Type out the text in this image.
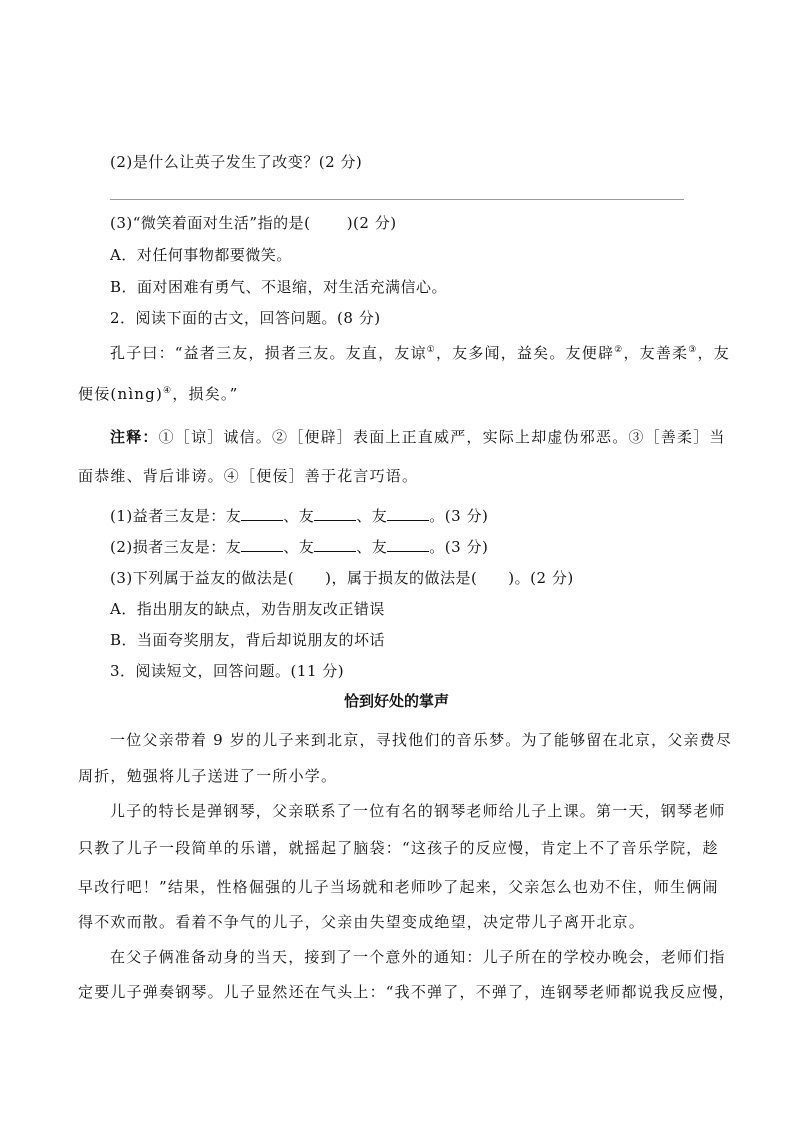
(2)是什么让英子发生了改变？(2 分)
(3)“微笑着面对生活”指的是(　　 )(2 分)
A．对任何事物都要微笑。
B．面对困难有勇气、不退缩，对生活充满信心。
2．阅读下面的古文，回答问题。(8 分)
孔子曰：“益者三友，损者三友。友直，友谅①，友多闻，益矣。友便辟②，友善柔③，友
便佞(nìng)④，损矣。”
注释：①［谅］诚信。②［便辟］表面上正直威严，实际上却虚伪邪恶。③［善柔］当
面恭维、背后诽谤。④［便佞］善于花言巧语。
(1)益者三友是：友	、友	、友	。(3 分)
(2)损者三友是：友	、友	、友	。(3 分)
(3)下列属于益友的做法是(　　)，属于损友的做法是(　　)。(2 分)
A．指出朋友的缺点，劝告朋友改正错误
B．当面夸奖朋友，背后却说朋友的坏话
3．阅读短文，回答问题。(11 分)
恰到好处的掌声
一位父亲带着 9 岁的儿子来到北京，寻找他们的音乐梦。为了能够留在北京，父亲费尽
周折，勉强将儿子送进了一所小学。
儿子的特长是弹钢琴，父亲联系了一位有名的钢琴老师给儿子上课。第一天，钢琴老师
只教了儿子一段简单的乐谱，就摇起了脑袋：“这孩子的反应慢，肯定上不了音乐学院，趁
早改行吧！”结果，性格倔强的儿子当场就和老师吵了起来，父亲怎么也劝不住，师生俩闹
得不欢而散。看着不争气的儿子，父亲由失望变成绝望，决定带儿子离开北京。
在父子俩准备动身的当天，接到了一个意外的通知：儿子所在的学校办晚会，老师们指
定要儿子弹奏钢琴。儿子显然还在气头上：“我不弹了，不弹了，连钢琴老师都说我反应慢，
